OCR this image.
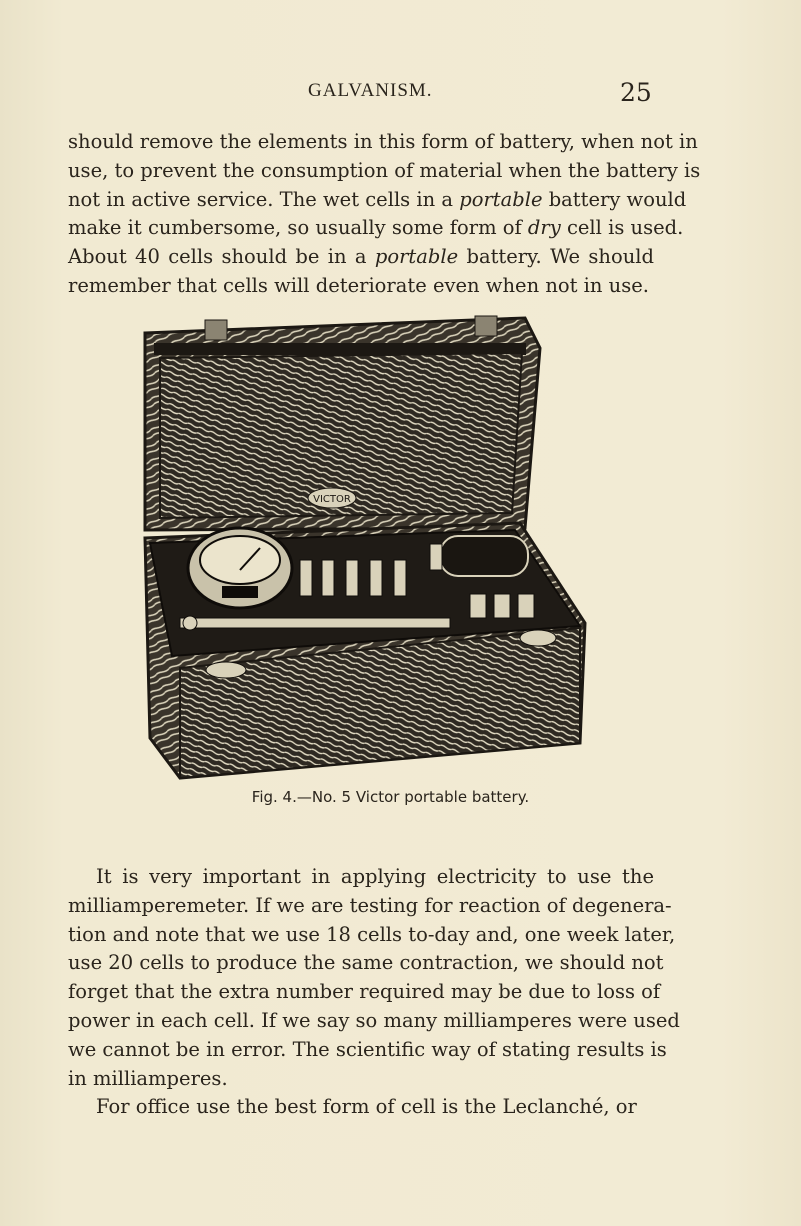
GALVANISM.	25
should remove the elements in this form of battery, when not in
use, to prevent the consumption of material when the battery is
not in active service. The wet cells in a portable battery would
make it cumbersome, so usually some form of dry cell is used.
About 40 cells should be in a portable battery. We should
remember that cells will deteriorate even when not in use.
VICTOR
Fig. 4.—No. 5 Victor portable battery.
It is very important in applying electricity to use the
milliamperemeter. If we are testing for reaction of degenera-
tion and note that we use 18 cells to-day and, one week later,
use 20 cells to produce the same contraction, we should not
forget that the extra number required may be due to loss of
power in each cell. If we say so many milliamperes were used
we cannot be in error. The scientific way of stating results is
in milliamperes.
For office use the best form of cell is the Leclanché, or
